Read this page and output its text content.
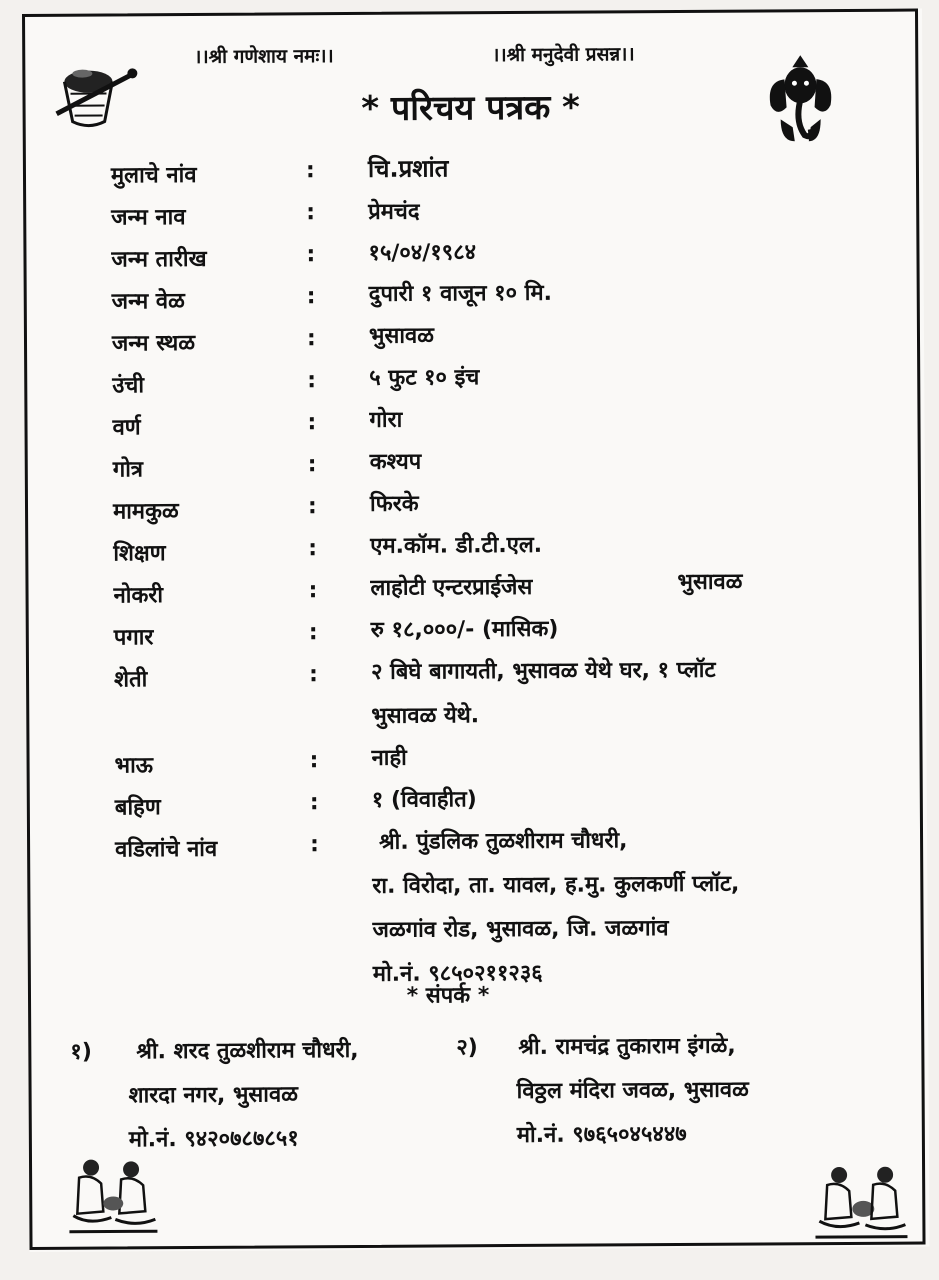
।।श्री गणेशाय नमः।।	।।श्री मनुदेवी प्रसन्न।।
* परिचय पत्रक *
मुलाचे नांव	: चि.प्रशांत
जन्म नाव	: प्रेमचंद
जन्म तारीख	: १५/०४/१९८४
जन्म वेळ	: दुपारी १ वाजून १० मि.
जन्म स्थळ	: भुसावळ
उंची	: ५ फुट १० इंच
वर्ण	: गोरा
गोत्र	: कश्यप
मामकुळ	: फिरके
शिक्षण	: एम.कॉम. डी.टी.एल.
नोकरी	: लाहोटी एन्टरप्राईजेस	भुसावळ
पगार	: रु १८,०००/- (मासिक)
शेती	: २ बिघे बागायती, भुसावळ येथे घर, १ प्लॉट
भुसावळ येथे.
भाऊ	: नाही
बहिण	: १ (विवाहीत)
वडिलांचे नांव	:	श्री. पुंडलिक तुळशीराम चौधरी,
रा. विरोदा, ता. यावल, ह.मु. कुलकर्णी प्लॉट,
जळगांव रोड, भुसावळ, जि. जळगांव
मो.नं. ९८५०२११२३६
* संपर्क *
१) श्री. शरद तुळशीराम चौधरी,
शारदा नगर, भुसावळ
मो.नं. ९४२०७८७८५१
२) श्री. रामचंद्र तुकाराम इंगळे,
विठ्ठल मंदिरा जवळ, भुसावळ
मो.नं. ९७६५०४५४४७
